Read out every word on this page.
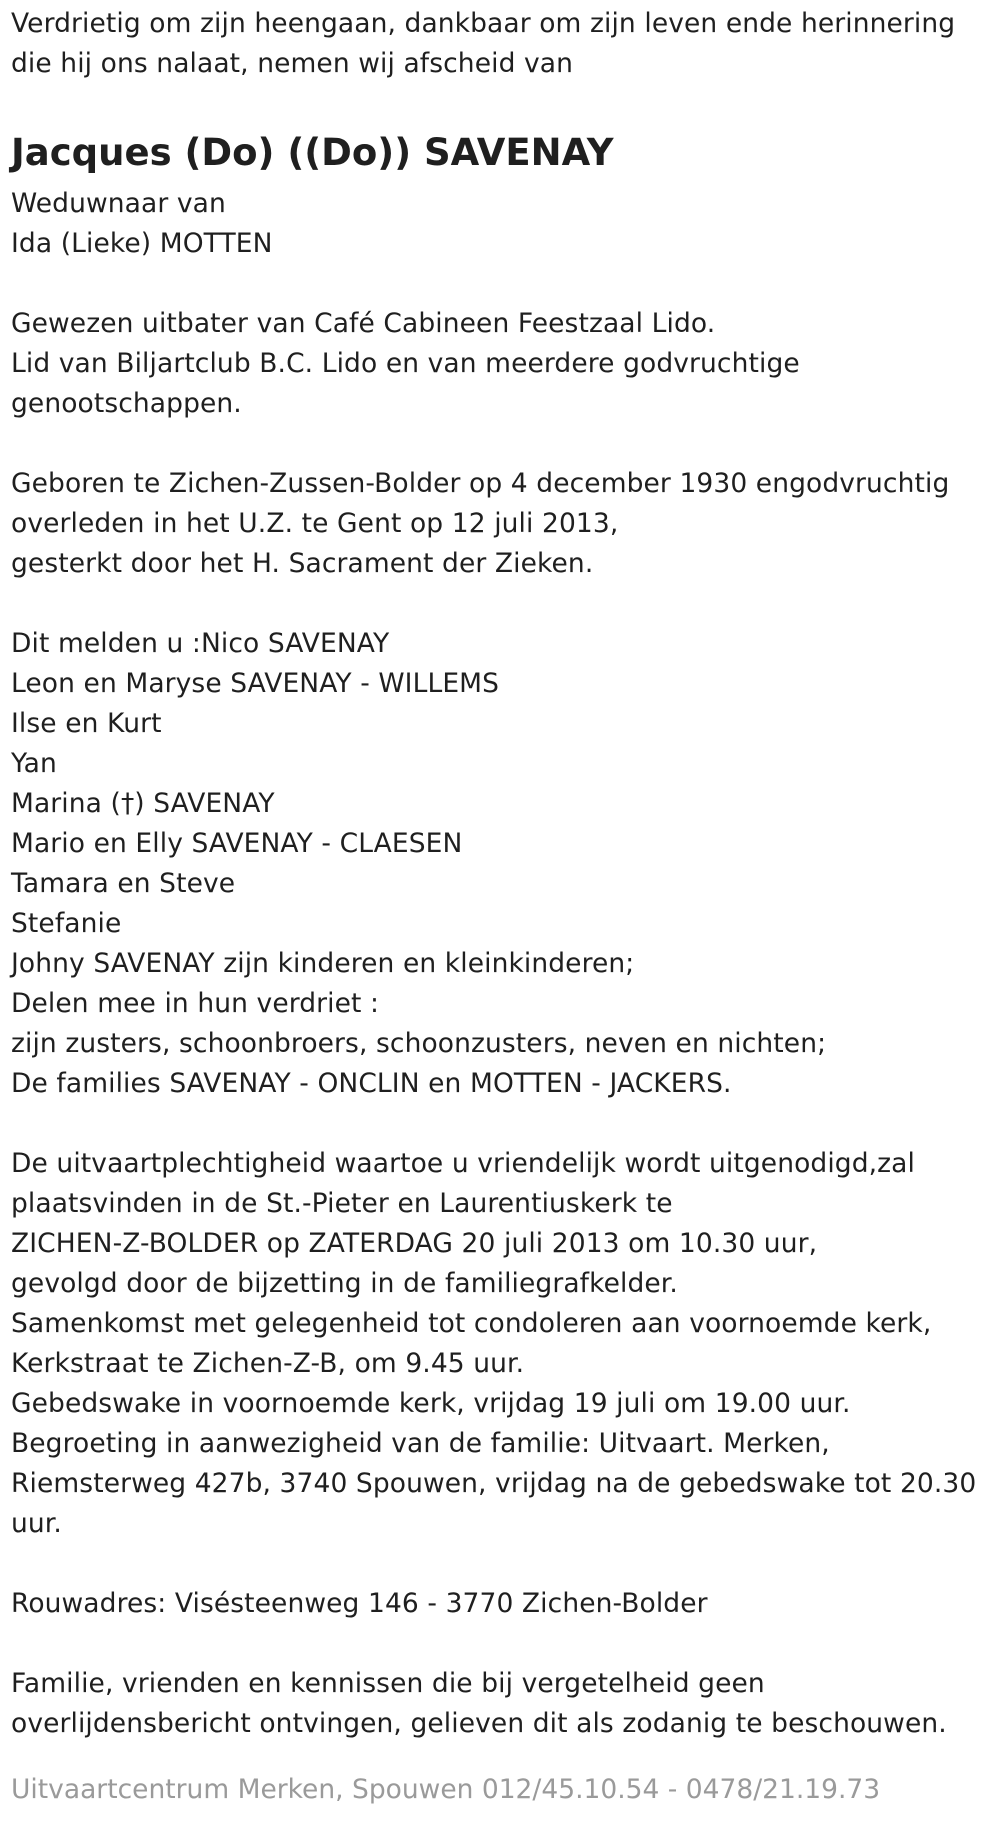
Verdrietig om zijn heengaan, dankbaar om zijn leven ende herinnering
die hij ons nalaat, nemen wij afscheid van
Jacques (Do) ((Do)) SAVENAY
Weduwnaar van
Ida (Lieke) MOTTEN
Gewezen uitbater van Café Cabineen Feestzaal Lido.
Lid van Biljartclub B.C. Lido en van meerdere godvruchtige
genootschappen.
Geboren te Zichen-Zussen-Bolder op 4 december 1930 engodvruchtig
overleden in het U.Z. te Gent op 12 juli 2013,
gesterkt door het H. Sacrament der Zieken.
Dit melden u :Nico SAVENAY
Leon en Maryse SAVENAY - WILLEMS
Ilse en Kurt
Yan
Marina (†) SAVENAY
Mario en Elly SAVENAY - CLAESEN
Tamara en Steve
Stefanie
Johny SAVENAY zijn kinderen en kleinkinderen;
Delen mee in hun verdriet :
zijn zusters, schoonbroers, schoonzusters, neven en nichten;
De families SAVENAY - ONCLIN en MOTTEN - JACKERS.
De uitvaartplechtigheid waartoe u vriendelijk wordt uitgenodigd,zal
plaatsvinden in de St.-Pieter en Laurentiuskerk te
ZICHEN-Z-BOLDER op ZATERDAG 20 juli 2013 om 10.30 uur,
gevolgd door de bijzetting in de familiegrafkelder.
Samenkomst met gelegenheid tot condoleren aan voornoemde kerk,
Kerkstraat te Zichen-Z-B, om 9.45 uur.
Gebedswake in voornoemde kerk, vrijdag 19 juli om 19.00 uur.
Begroeting in aanwezigheid van de familie: Uitvaart. Merken,
Riemsterweg 427b, 3740 Spouwen, vrijdag na de gebedswake tot 20.30
uur.
Rouwadres: Visésteenweg 146 - 3770 Zichen-Bolder
Familie, vrienden en kennissen die bij vergetelheid geen
overlijdensbericht ontvingen, gelieven dit als zodanig te beschouwen.
Uitvaartcentrum Merken, Spouwen 012/45.10.54 - 0478/21.19.73
